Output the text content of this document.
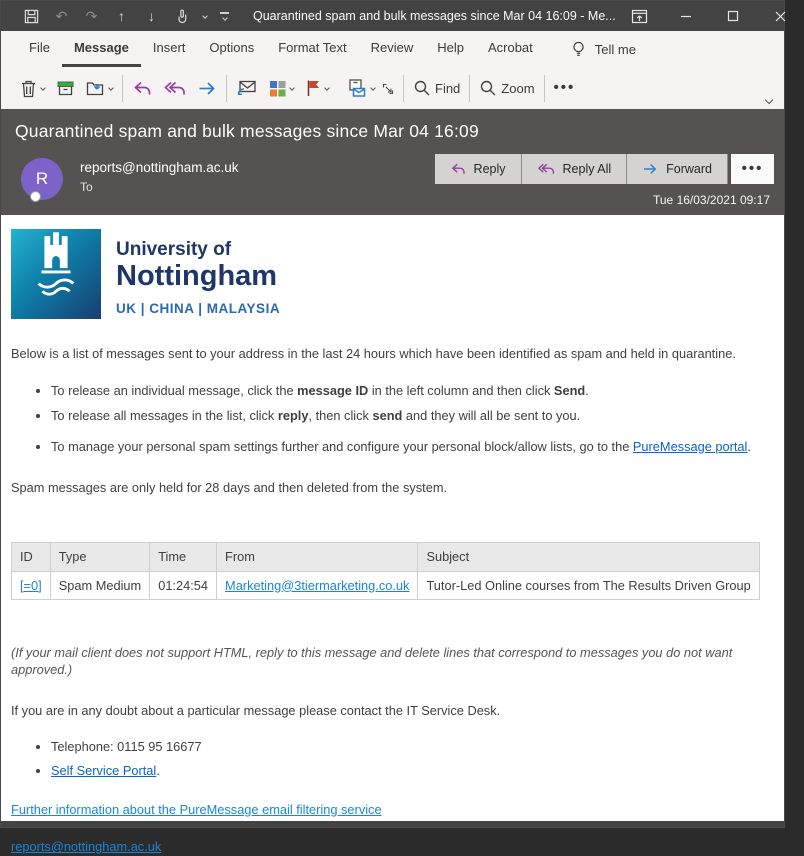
↶ ↷	↑	↓	Quarantined spam and bulk messages since Mar 04 16:09 - Me...
File	Message	Insert	Options	Format Text	Review	Help	Acrobat	Tell me
Find	Zoom •••
Quarantined spam and bulk messages since Mar 04 16:09
R
reports@nottingham.ac.uk
To
Reply	Reply All	Forward •••
Tue 16/03/2021 09:17
University of
Nottingham
UK | CHINA | MALAYSIA

Below is a list of messages sent to your address in the last 24 hours which have been identified as spam and held in quarantine.

• To release an individual message, click the message ID in the left column and then click Send.
• To release all messages in the list, click reply, then click send and they will all be sent to you.
• To manage your personal spam settings further and configure your personal block/allow lists, go to the PureMessage portal.

Spam messages are only held for 28 days and then deleted from the system.

ID	Type	Time	From	Subject
[=0]	Spam Medium	01:24:54	Marketing@3tiermarketing.co.uk	Tutor-Led Online courses from The Results Driven Group

(If your mail client does not support HTML, reply to this message and delete lines that correspond to messages you do not want approved.)

If you are in any doubt about a particular message please contact the IT Service Desk.

• Telephone: 0115 95 16677
• Self Service Portal.
Further information about the PureMessage email filtering service
reports@nottingham.ac.uk
